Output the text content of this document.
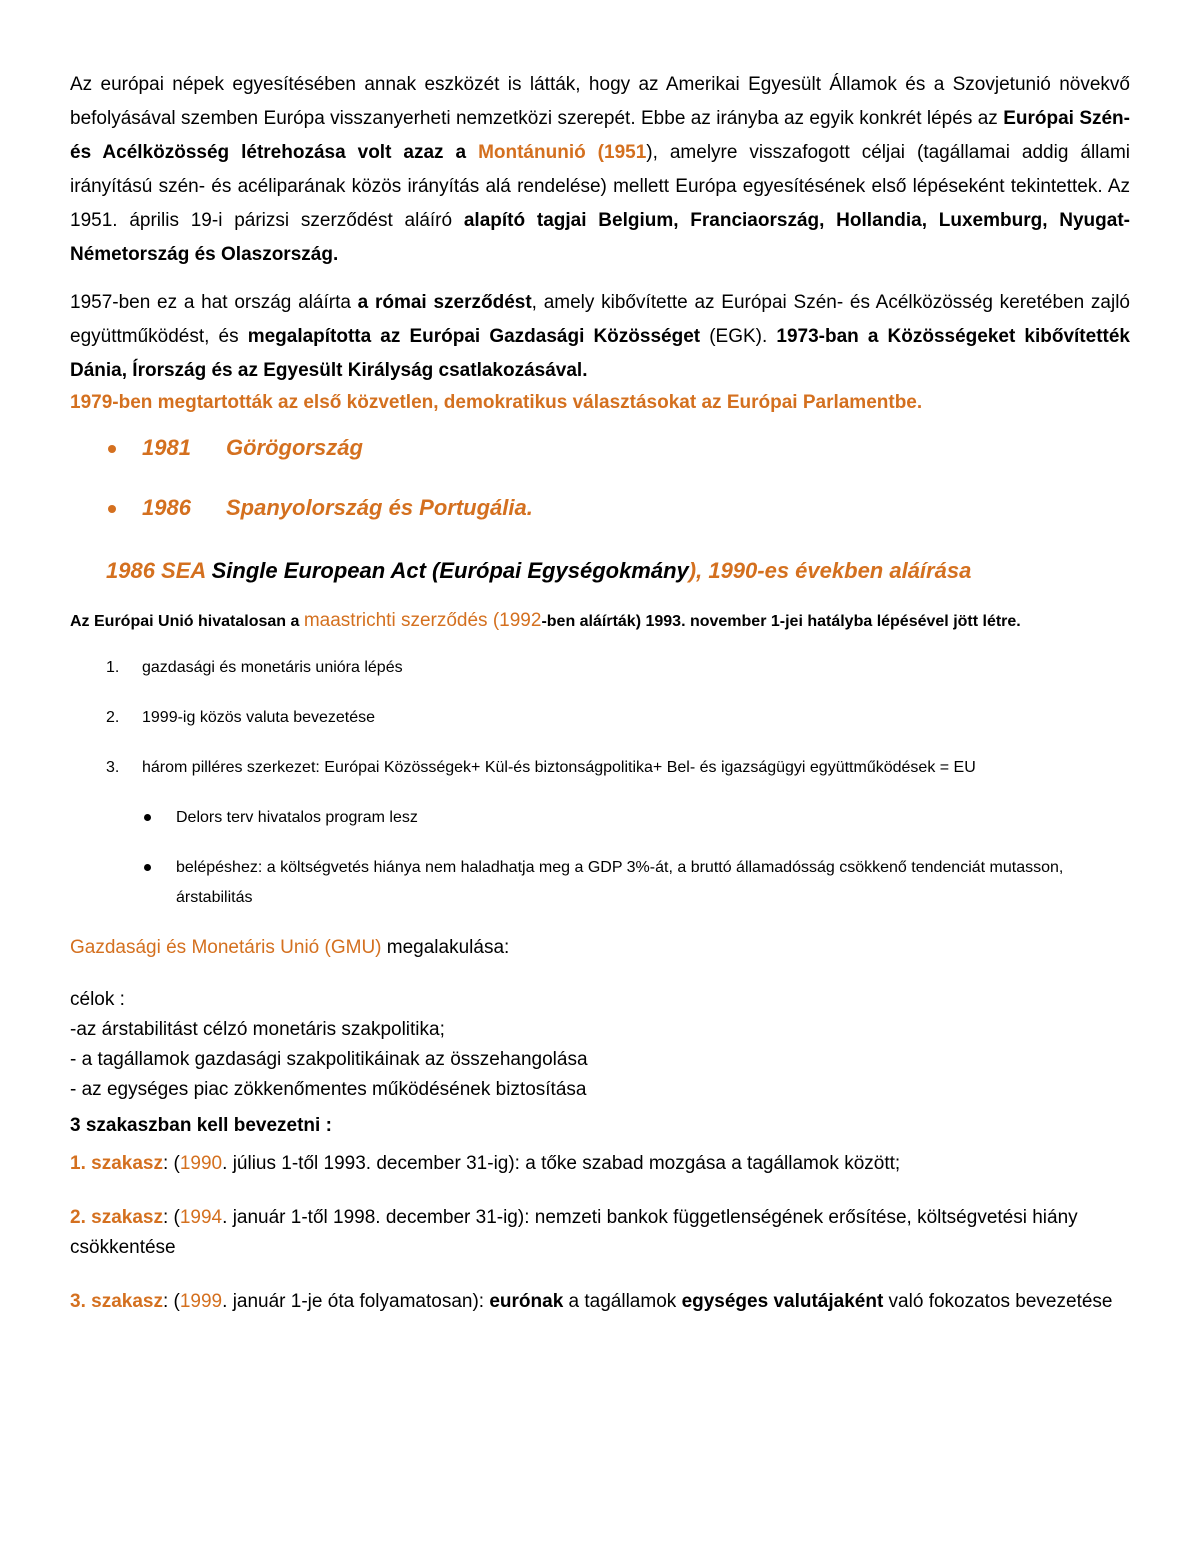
Az európai népek egyesítésében annak eszközét is látták, hogy az Amerikai Egyesült Államok és a Szovjetunió növekvő befolyásával szemben Európa visszanyerheti nemzetközi szerepét. Ebbe az irányba az egyik konkrét lépés az Európai Szén- és Acélközösség létrehozása volt azaz a Montánunió (1951), amelyre visszafogott céljai (tagállamai addig állami irányítású szén- és acéliparának közös irányítás alá rendelése) mellett Európa egyesítésének első lépéseként tekintettek. Az 1951. április 19-i párizsi szerződést aláíró alapító tagjai Belgium, Franciaország, Hollandia, Luxemburg, Nyugat-Németország és Olaszország.

1957-ben ez a hat ország aláírta a római szerződést, amely kibővítette az Európai Szén- és Acélközösség keretében zajló együttműködést, és megalapította az Európai Gazdasági Közösséget (EGK). 1973-ban a Közösségeket kibővítették Dánia, Írország és az Egyesült Királyság csatlakozásával.

1979-ben megtartották az első közvetlen, demokratikus választásokat az Európai Parlamentbe.

1981 Görögország
1986 Spanyolország és Portugália.

1986 SEA Single European Act (Európai Egységokmány), 1990-es években aláírása

Az Európai Unió hivatalosan a maastrichti szerződés (1992-ben aláírták) 1993. november 1-jei hatályba lépésével jött létre.

1. gazdasági és monetáris unióra lépés
2. 1999-ig közös valuta bevezetése
3. három pilléres szerkezet: Európai Közösségek+ Kül-és biztonságpolitika+ Bel- és igazságügyi együttműködések = EU
Delors terv hivatalos program lesz
belépéshez: a költségvetés hiánya nem haladhatja meg a GDP 3%-át, a bruttó államadósság csökkenő tendenciát mutasson, árstabilitás

Gazdasági és Monetáris Unió (GMU) megalakulása:

célok :
-az árstabilitást célzó monetáris szakpolitika;
- a tagállamok gazdasági szakpolitikáinak az összehangolása
- az egységes piac zökkenőmentes működésének biztosítása

3 szakaszban kell bevezetni :

1. szakasz: (1990. július 1-től 1993. december 31-ig): a tőke szabad mozgása a tagállamok között;

2. szakasz: (1994. január 1-től 1998. december 31-ig): nemzeti bankok függetlenségének erősítése, költségvetési hiány csökkentése

3. szakasz: (1999. január 1-je óta folyamatosan): eurónak a tagállamok egységes valutájaként való fokozatos bevezetése
